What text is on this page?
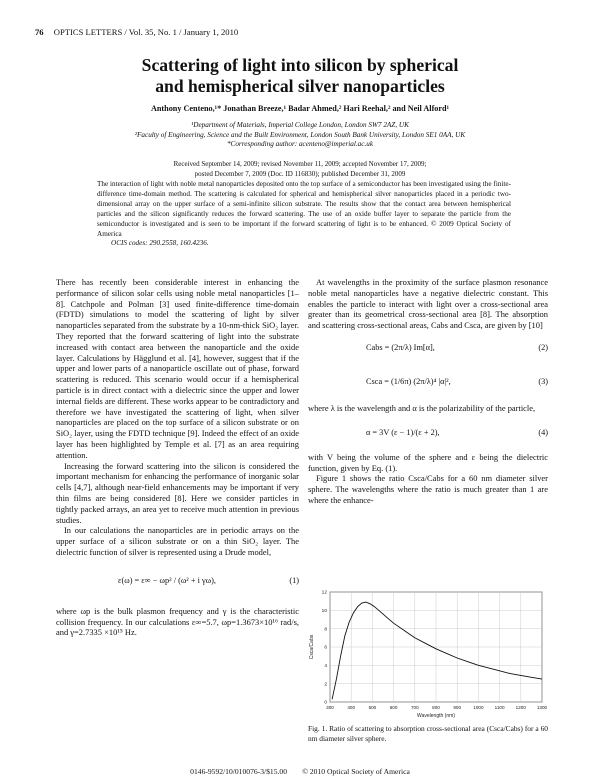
76 OPTICS LETTERS / Vol. 35, No. 1 / January 1, 2010
Scattering of light into silicon by spherical
and hemispherical silver nanoparticles
Anthony Centeno,¹* Jonathan Breeze,¹ Badar Ahmed,² Hari Reehal,² and Neil Alford¹
¹Department of Materials, Imperial College London, London SW7 2AZ, UK
²Faculty of Engineering, Science and the Built Environment, London South Bank University, London SE1 0AA, UK
*Corresponding author: acenteno@imperial.ac.uk
Received September 14, 2009; revised November 11, 2009; accepted November 17, 2009;
posted December 7, 2009 (Doc. ID 116830); published December 31, 2009
The interaction of light with noble metal nanoparticles deposited onto the top surface of a semiconductor has been investigated using the finite-difference time-domain method. The scattering is calculated for spherical and hemispherical silver nanoparticles placed in a periodic two-dimensional array on the upper surface of a semi-infinite silicon substrate. The results show that the contact area between hemispherical particles and the silicon significantly reduces the forward scattering. The use of an oxide buffer layer to separate the particle from the semiconductor is investigated and is seen to be important if the forward scattering of light is to be enhanced. © 2009 Optical Society of America
OCIS codes: 290.2558, 160.4236.

There has recently been considerable interest in enhancing the performance of silicon solar cells using noble metal nanoparticles [1–8]. Catchpole and Polman [3] used finite-difference time-domain (FDTD) simulations to model the scattering of light by silver nanoparticles separated from the substrate by a 10-nm-thick SiO₂ layer. They reported that the forward scattering of light into the substrate increased with contact area between the nanoparticle and the oxide layer. Calculations by Hägglund et al. [4], however, suggest that if the upper and lower parts of a nanoparticle oscillate out of phase, forward scattering is reduced. This scenario would occur if a hemispherical particle is in direct contact with a dielectric since the upper and lower internal fields are different. These works appear to be contradictory and therefore we have investigated the scattering of light, when silver nanoparticles are placed on the top surface of a silicon substrate or on SiO₂ layer, using the FDTD technique [9]. Indeed the effect of an oxide layer has been highlighted by Temple et al. [7] as an area requiring attention.

Increasing the forward scattering into the silicon is considered the important mechanism for enhancing the performance of inorganic solar cells [4,7], although near-field enhancements may be important if very thin films are being considered [8]. Here we consider particles in tightly packed arrays, an area yet to receive much attention in previous studies.

In our calculations the nanoparticles are in periodic arrays on the upper surface of a silicon substrate or on a thin SiO₂ layer. The dielectric function of silver is represented using a Drude model,

ε(ω) = ε∞ − ωp² / (ω² + i γω),	(1)

where ωp is the bulk plasmon frequency and γ is the characteristic collision frequency. In our calculations ε∞=5.7, ωp=1.3673×10¹⁶ rad/s, and γ=2.7335 ×10¹⁵ Hz.

At wavelengths in the proximity of the surface plasmon resonance noble metal nanoparticles have a negative dielectric constant. This enables the particle to interact with light over a cross-sectional area greater than its geometrical cross-sectional area [8]. The absorption and scattering cross-sectional areas, Cabs and Csca, are given by [10]

Cabs = (2π/λ) Im[α],	(2)
Csca = (1/6π) (2π/λ)⁴ |α|²,	(3)

where λ is the wavelength and α is the polarizability of the particle,

α = 3V (ε − 1)/(ε + 2),	(4)

with V being the volume of the sphere and ε being the dielectric function, given by Eq. (1).

Figure 1 shows the ratio Csca/Cabs for a 60 nm diameter silver sphere. The wavelengths where the ratio is much greater than 1 are where the enhance-

300	400	500	600	700	800	900	1000 1100 1200 1300
0
2
4
6
8
10
12
Wavelength (nm)
Csca/Cabs
Fig. 1. Ratio of scattering to absorption cross-sectional area (Csca/Cabs) for a 60 nm diameter silver sphere.
0146-9592/10/010076-3/$15.00 © 2010 Optical Society of America
